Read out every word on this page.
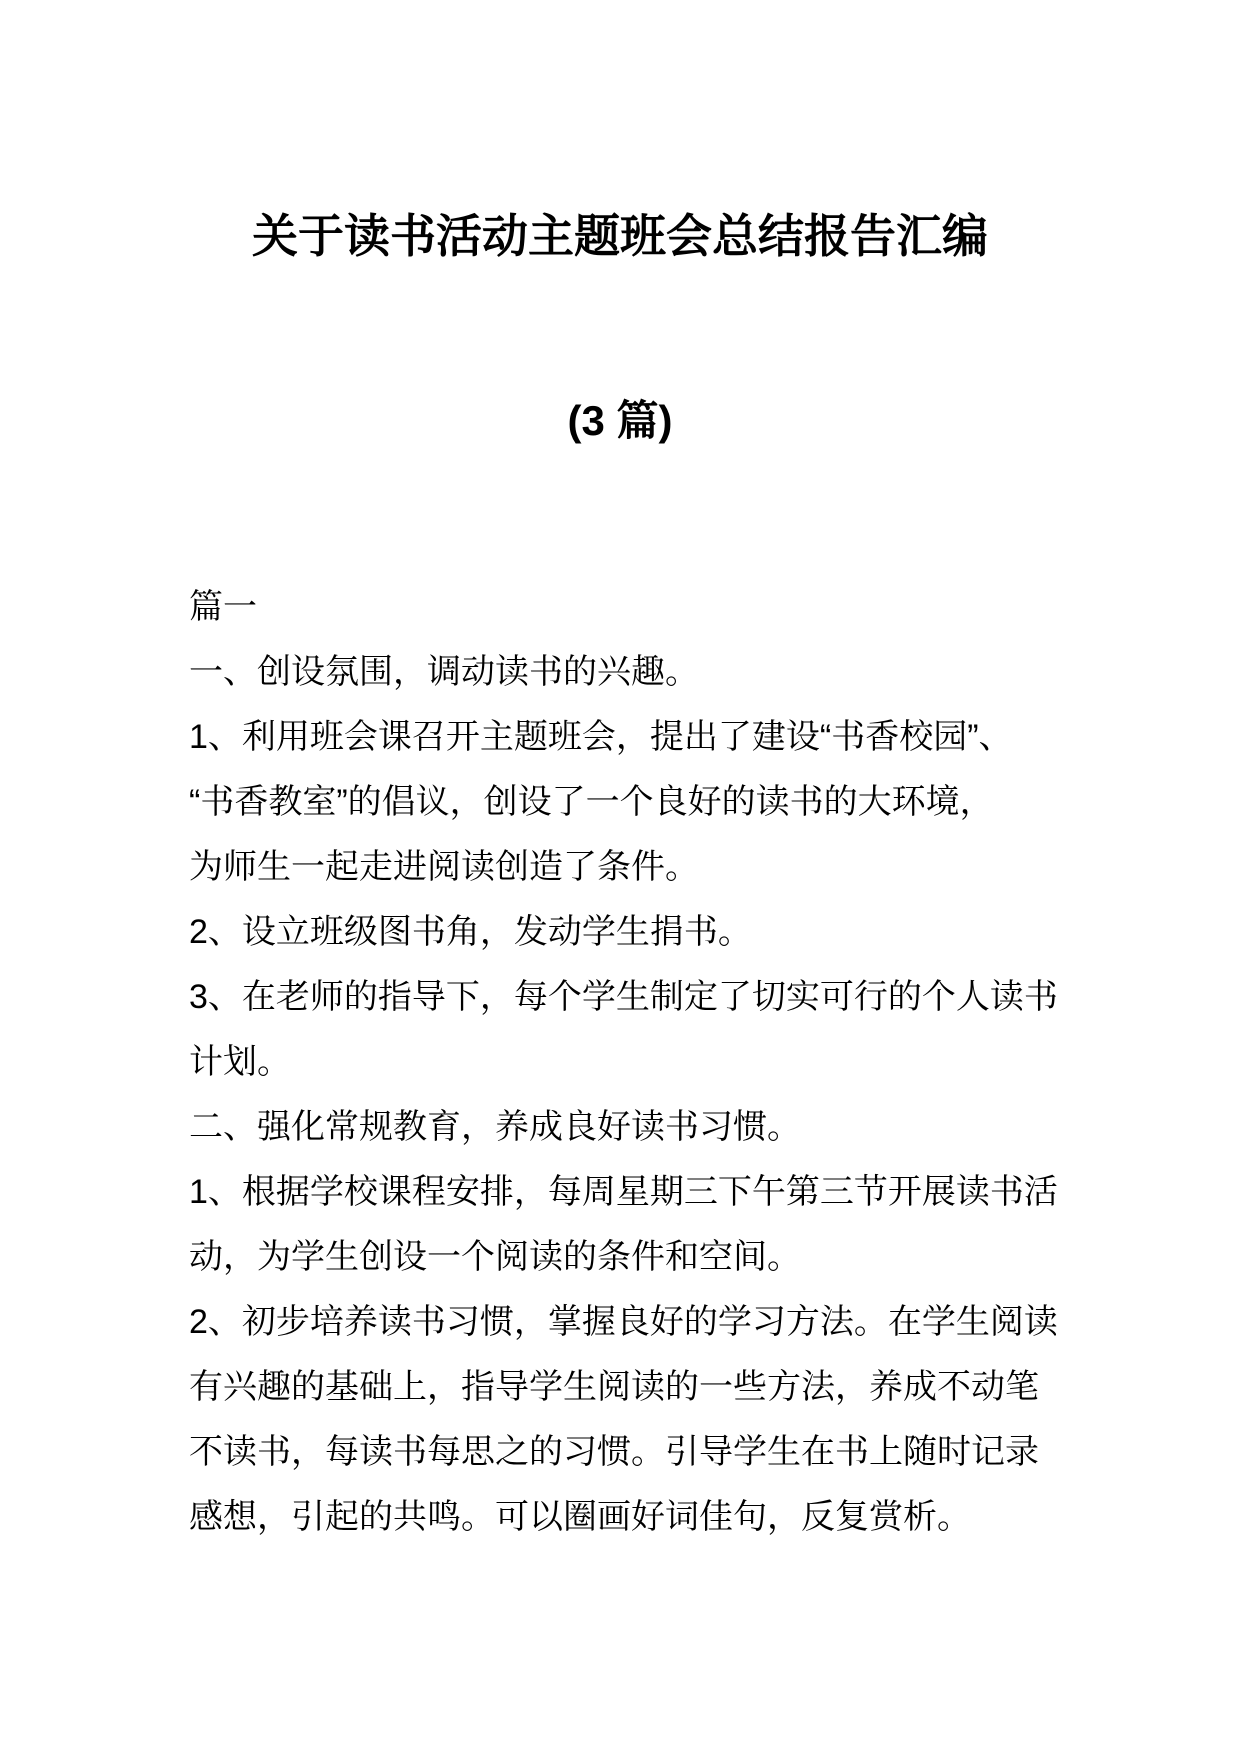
关于读书活动主题班会总结报告汇编
(3 篇)
篇一
一、创设氛围，调动读书的兴趣。
1、利用班会课召开主题班会，提出了建设“书香校园”、
“书香教室”的倡议，创设了一个良好的读书的大环境，
为师生一起走进阅读创造了条件。
2、设立班级图书角，发动学生捐书。
3、在老师的指导下，每个学生制定了切实可行的个人读书
计划。
二、强化常规教育，养成良好读书习惯。
1、根据学校课程安排，每周星期三下午第三节开展读书活
动，为学生创设一个阅读的条件和空间。
2、初步培养读书习惯，掌握良好的学习方法。在学生阅读
有兴趣的基础上，指导学生阅读的一些方法，养成不动笔
不读书，每读书每思之的习惯。引导学生在书上随时记录
感想，引起的共鸣。可以圈画好词佳句，反复赏析。
